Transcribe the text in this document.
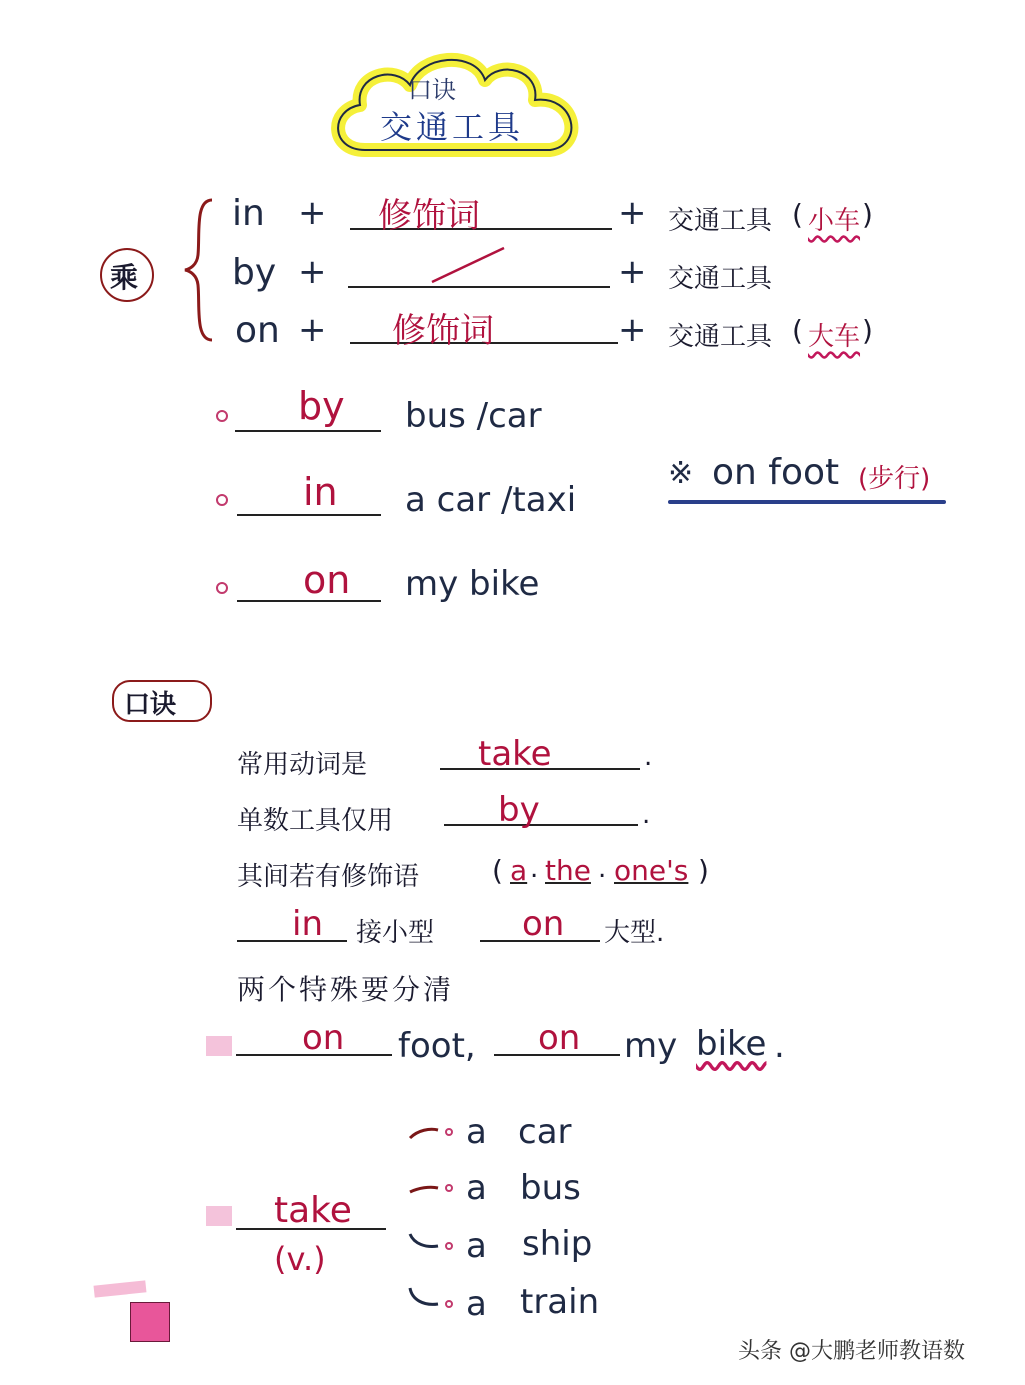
口诀
交通工具
乘
in + 修饰词	+ 交通工具 ( 小车 )
by +	+ 交通工具
on + 修饰词	+ 交通工具 ( 大车 )
by bus /car
in a car /taxi
on my bike
※ on foot (步行)
口诀
常用动词是	take	.
单数工具仅用	by	.
其间若有修饰语	( a . the . one's )
in 接小型	on 大型.
两个特殊要分清
on foot, on my bike .
take
(v.)
a car
a bus
a ship
a train
头条 @大鹏老师教语数
